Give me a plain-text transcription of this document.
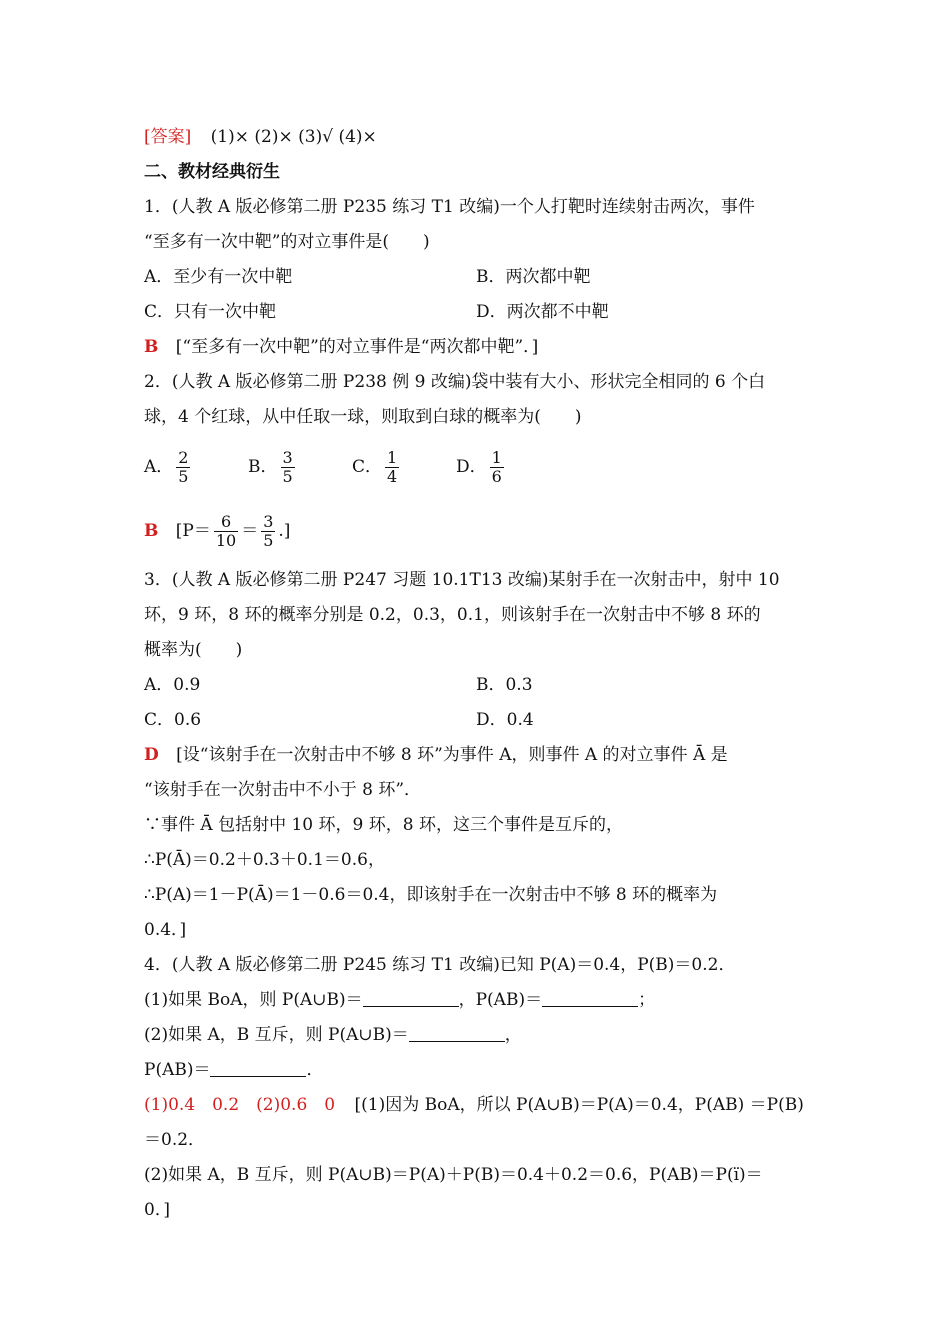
[答案] (1)× (2)× (3)√ (4)×
二、教材经典衍生
1．(人教 A 版必修第二册 P235 练习 T1 改编)一个人打靶时连续射击两次，事件
“至多有一次中靶”的对立事件是(　　)
A．至少有一次中靶	B．两次都中靶
C．只有一次中靶	D．两次都不中靶
B [“至多有一次中靶”的对立事件是“两次都中靶”．]
2．(人教 A 版必修第二册 P238 例 9 改编)袋中装有大小、形状完全相同的 6 个白
球，4 个红球，从中任取一球，则取到白球的概率为(　　)
A． $\frac{2}{5}$	B． $\frac{3}{5}$	C． $\frac{1}{4}$	D． $\frac{1}{6}$
B [$P= \frac{6}{10} = \frac{3}{5}$ .]
3．(人教 A 版必修第二册 P247 习题 10.1T13 改编)某射手在一次射击中，射中 10
环，9 环，8 环的概率分别是 0.2，0.3，0.1，则该射手在一次射击中不够 8 环的
概率为(　　)
A．0.9	B．0.3
C．0.6	D．0.4
D [设“该射手在一次射击中不够 8 环”为事件 A，则事件 A 的对立事件 Ā 是
“该射手在一次射击中不小于 8 环”．
∵事件 Ā 包括射中 10 环，9 环，8 环，这三个事件是互斥的，
∴P(Ā)＝0.2＋0.3＋0.1＝0.6，
∴P(A)＝1－P(Ā)＝1－0.6＝0.4，即该射手在一次射击中不够 8 环的概率为
0.4．]
4．(人教 A 版必修第二册 P245 练习 T1 改编)已知 P(A)＝0.4，P(B)＝0.2．
(1)如果 BoA，则 P(A∪B)＝	，P(AB)＝	；
(2)如果 A，B 互斥，则 P(A∪B)＝	，
P(AB)＝	．
(1)0.4　0.2　(2)0.6　0 [(1)因为 BoA，所以 P(A∪B)＝P(A)＝0.4，P(AB) ＝P(B)
＝0.2．
(2)如果 A，B 互斥，则 P(A∪B)＝P(A)＋P(B)＝0.4＋0.2＝0.6，P(AB)＝P(ï)＝
0．]
